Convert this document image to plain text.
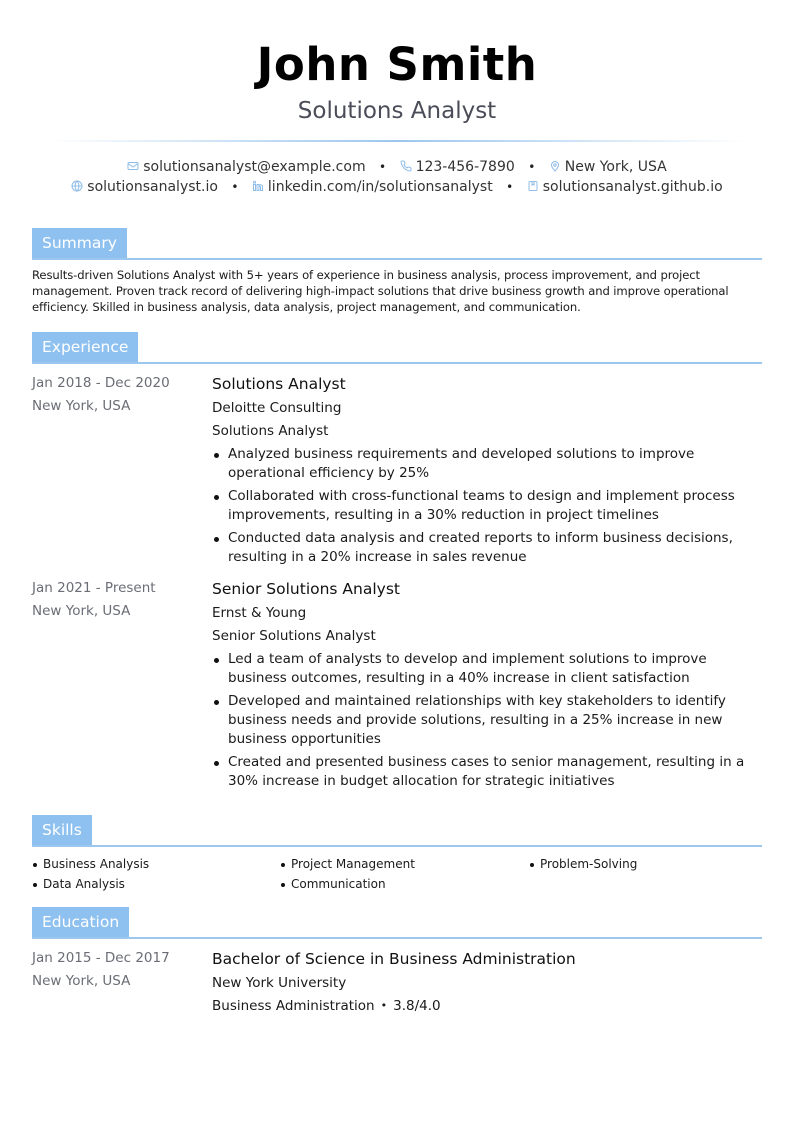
John Smith
Solutions Analyst
solutionsanalyst@example.com • 123-456-7890 • New York, USA
solutionsanalyst.io • linkedin.com/in/solutionsanalyst • solutionsanalyst.github.io
Summary
Results-driven Solutions Analyst with 5+ years of experience in business analysis, process improvement, and project management. Proven track record of delivering high-impact solutions that drive business growth and improve operational efficiency. Skilled in business analysis, data analysis, project management, and communication.
Experience
Jan 2018 - Dec 2020
New York, USA
Solutions Analyst
Deloitte Consulting
Solutions Analyst
Analyzed business requirements and developed solutions to improve operational efficiency by 25%
Collaborated with cross-functional teams to design and implement process improvements, resulting in a 30% reduction in project timelines
Conducted data analysis and created reports to inform business decisions, resulting in a 20% increase in sales revenue
Jan 2021 - Present
New York, USA
Senior Solutions Analyst
Ernst & Young
Senior Solutions Analyst
Led a team of analysts to develop and implement solutions to improve business outcomes, resulting in a 40% increase in client satisfaction
Developed and maintained relationships with key stakeholders to identify business needs and provide solutions, resulting in a 25% increase in new business opportunities
Created and presented business cases to senior management, resulting in a 30% increase in budget allocation for strategic initiatives
Skills
Business Analysis	Project Management	Problem-Solving
Data Analysis	Communication
Education
Jan 2015 - Dec 2017
New York, USA
Bachelor of Science in Business Administration
New York University
Business Administration • 3.8/4.0
